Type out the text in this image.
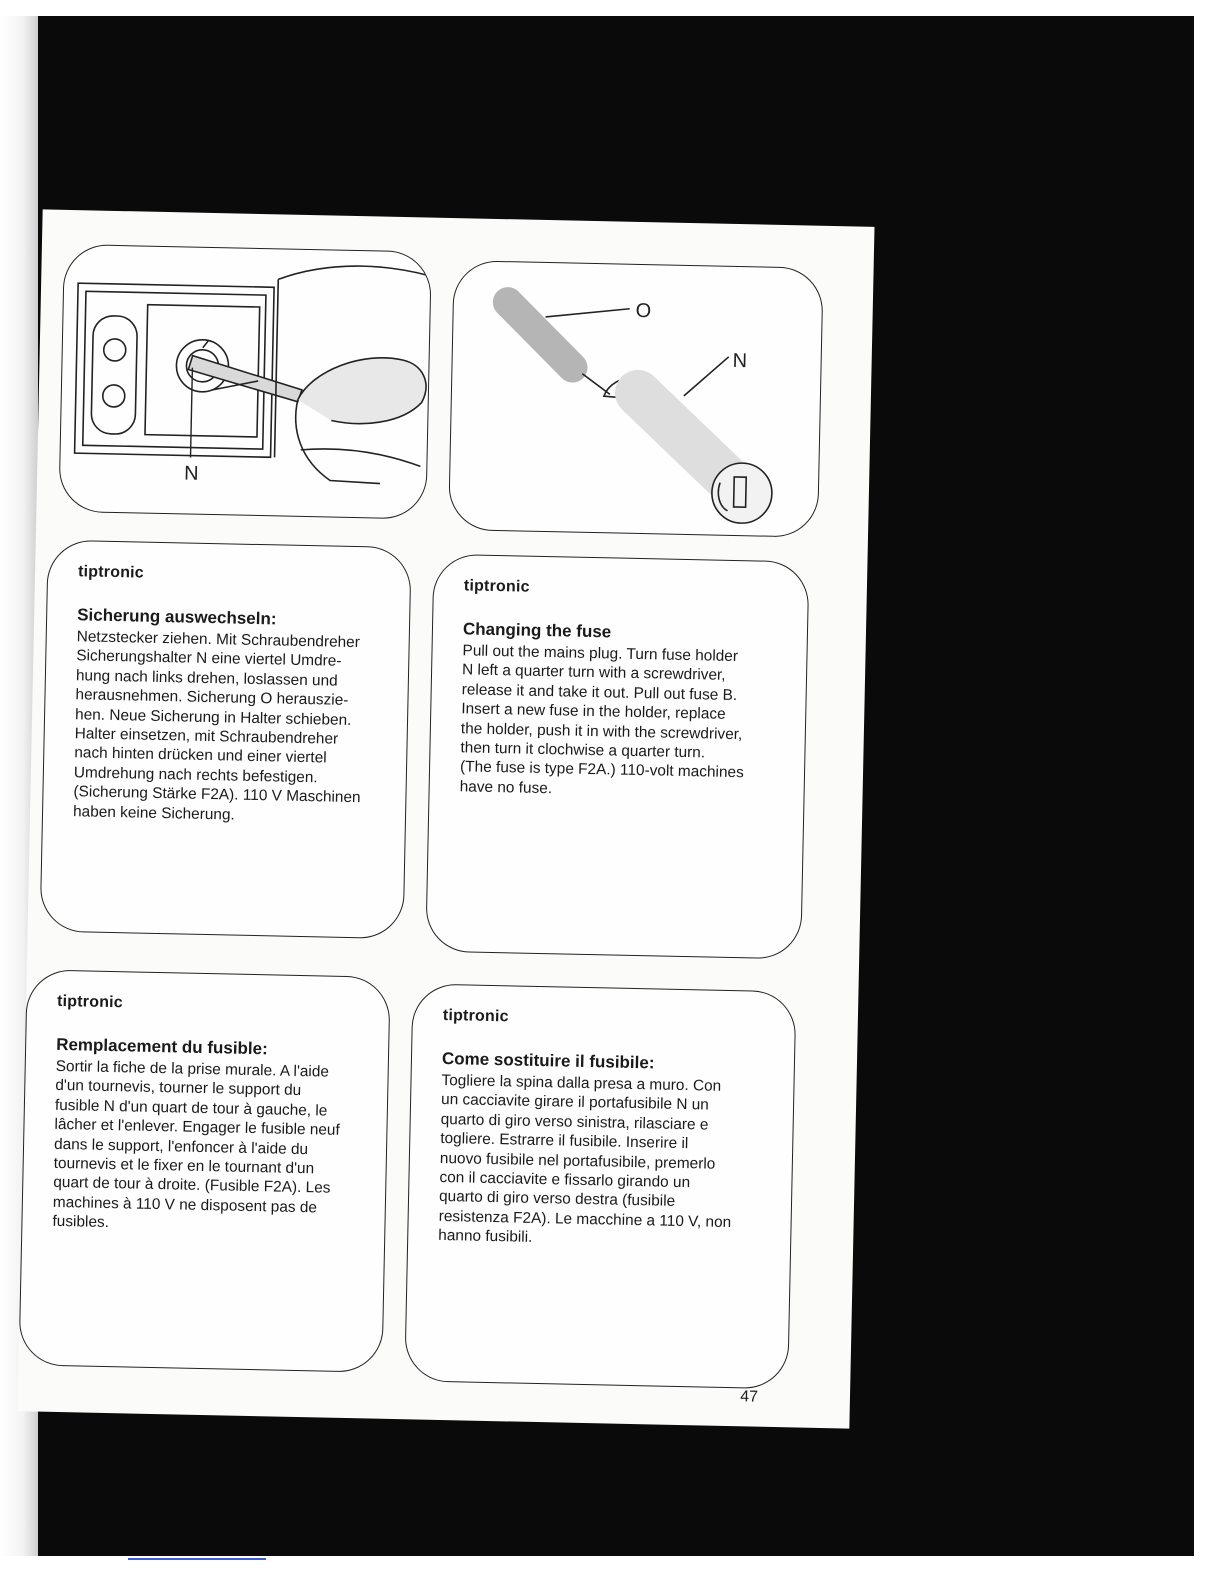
N
O
N
tiptronic
Sicherung auswechseln:

Netzstecker ziehen. Mit Schraubendreher
Sicherungshalter N eine viertel Umdre-
hung nach links drehen, loslassen und
herausnehmen. Sicherung O herauszie-
hen. Neue Sicherung in Halter schieben.
Halter einsetzen, mit Schraubendreher
nach hinten drücken und einer viertel
Umdrehung nach rechts befestigen.
(Sicherung Stärke F2A). 110 V Maschinen
haben keine Sicherung.

tiptronic
Changing the fuse

Pull out the mains plug. Turn fuse holder
N left a quarter turn with a screwdriver,
release it and take it out. Pull out fuse B.
Insert a new fuse in the holder, replace
the holder, push it in with the screwdriver,
then turn it clochwise a quarter turn.
(The fuse is type F2A.) 110-volt machines
have no fuse.

tiptronic
Remplacement du fusible:

Sortir la fiche de la prise murale. A l'aide
d'un tournevis, tourner le support du
fusible N d'un quart de tour à gauche, le
lâcher et l'enlever. Engager le fusible neuf
dans le support, l'enfoncer à l'aide du
tournevis et le fixer en le tournant d'un
quart de tour à droite. (Fusible F2A). Les
machines à 110 V ne disposent pas de
fusibles.

tiptronic
Come sostituire il fusibile:

Togliere la spina dalla presa a muro. Con
un cacciavite girare il portafusibile N un
quarto di giro verso sinistra, rilasciare e
togliere. Estrarre il fusibile. Inserire il
nuovo fusibile nel portafusibile, premerlo
con il cacciavite e fissarlo girando un
quarto di giro verso destra (fusibile
resistenza F2A). Le macchine a 110 V, non
hanno fusibili.

47
